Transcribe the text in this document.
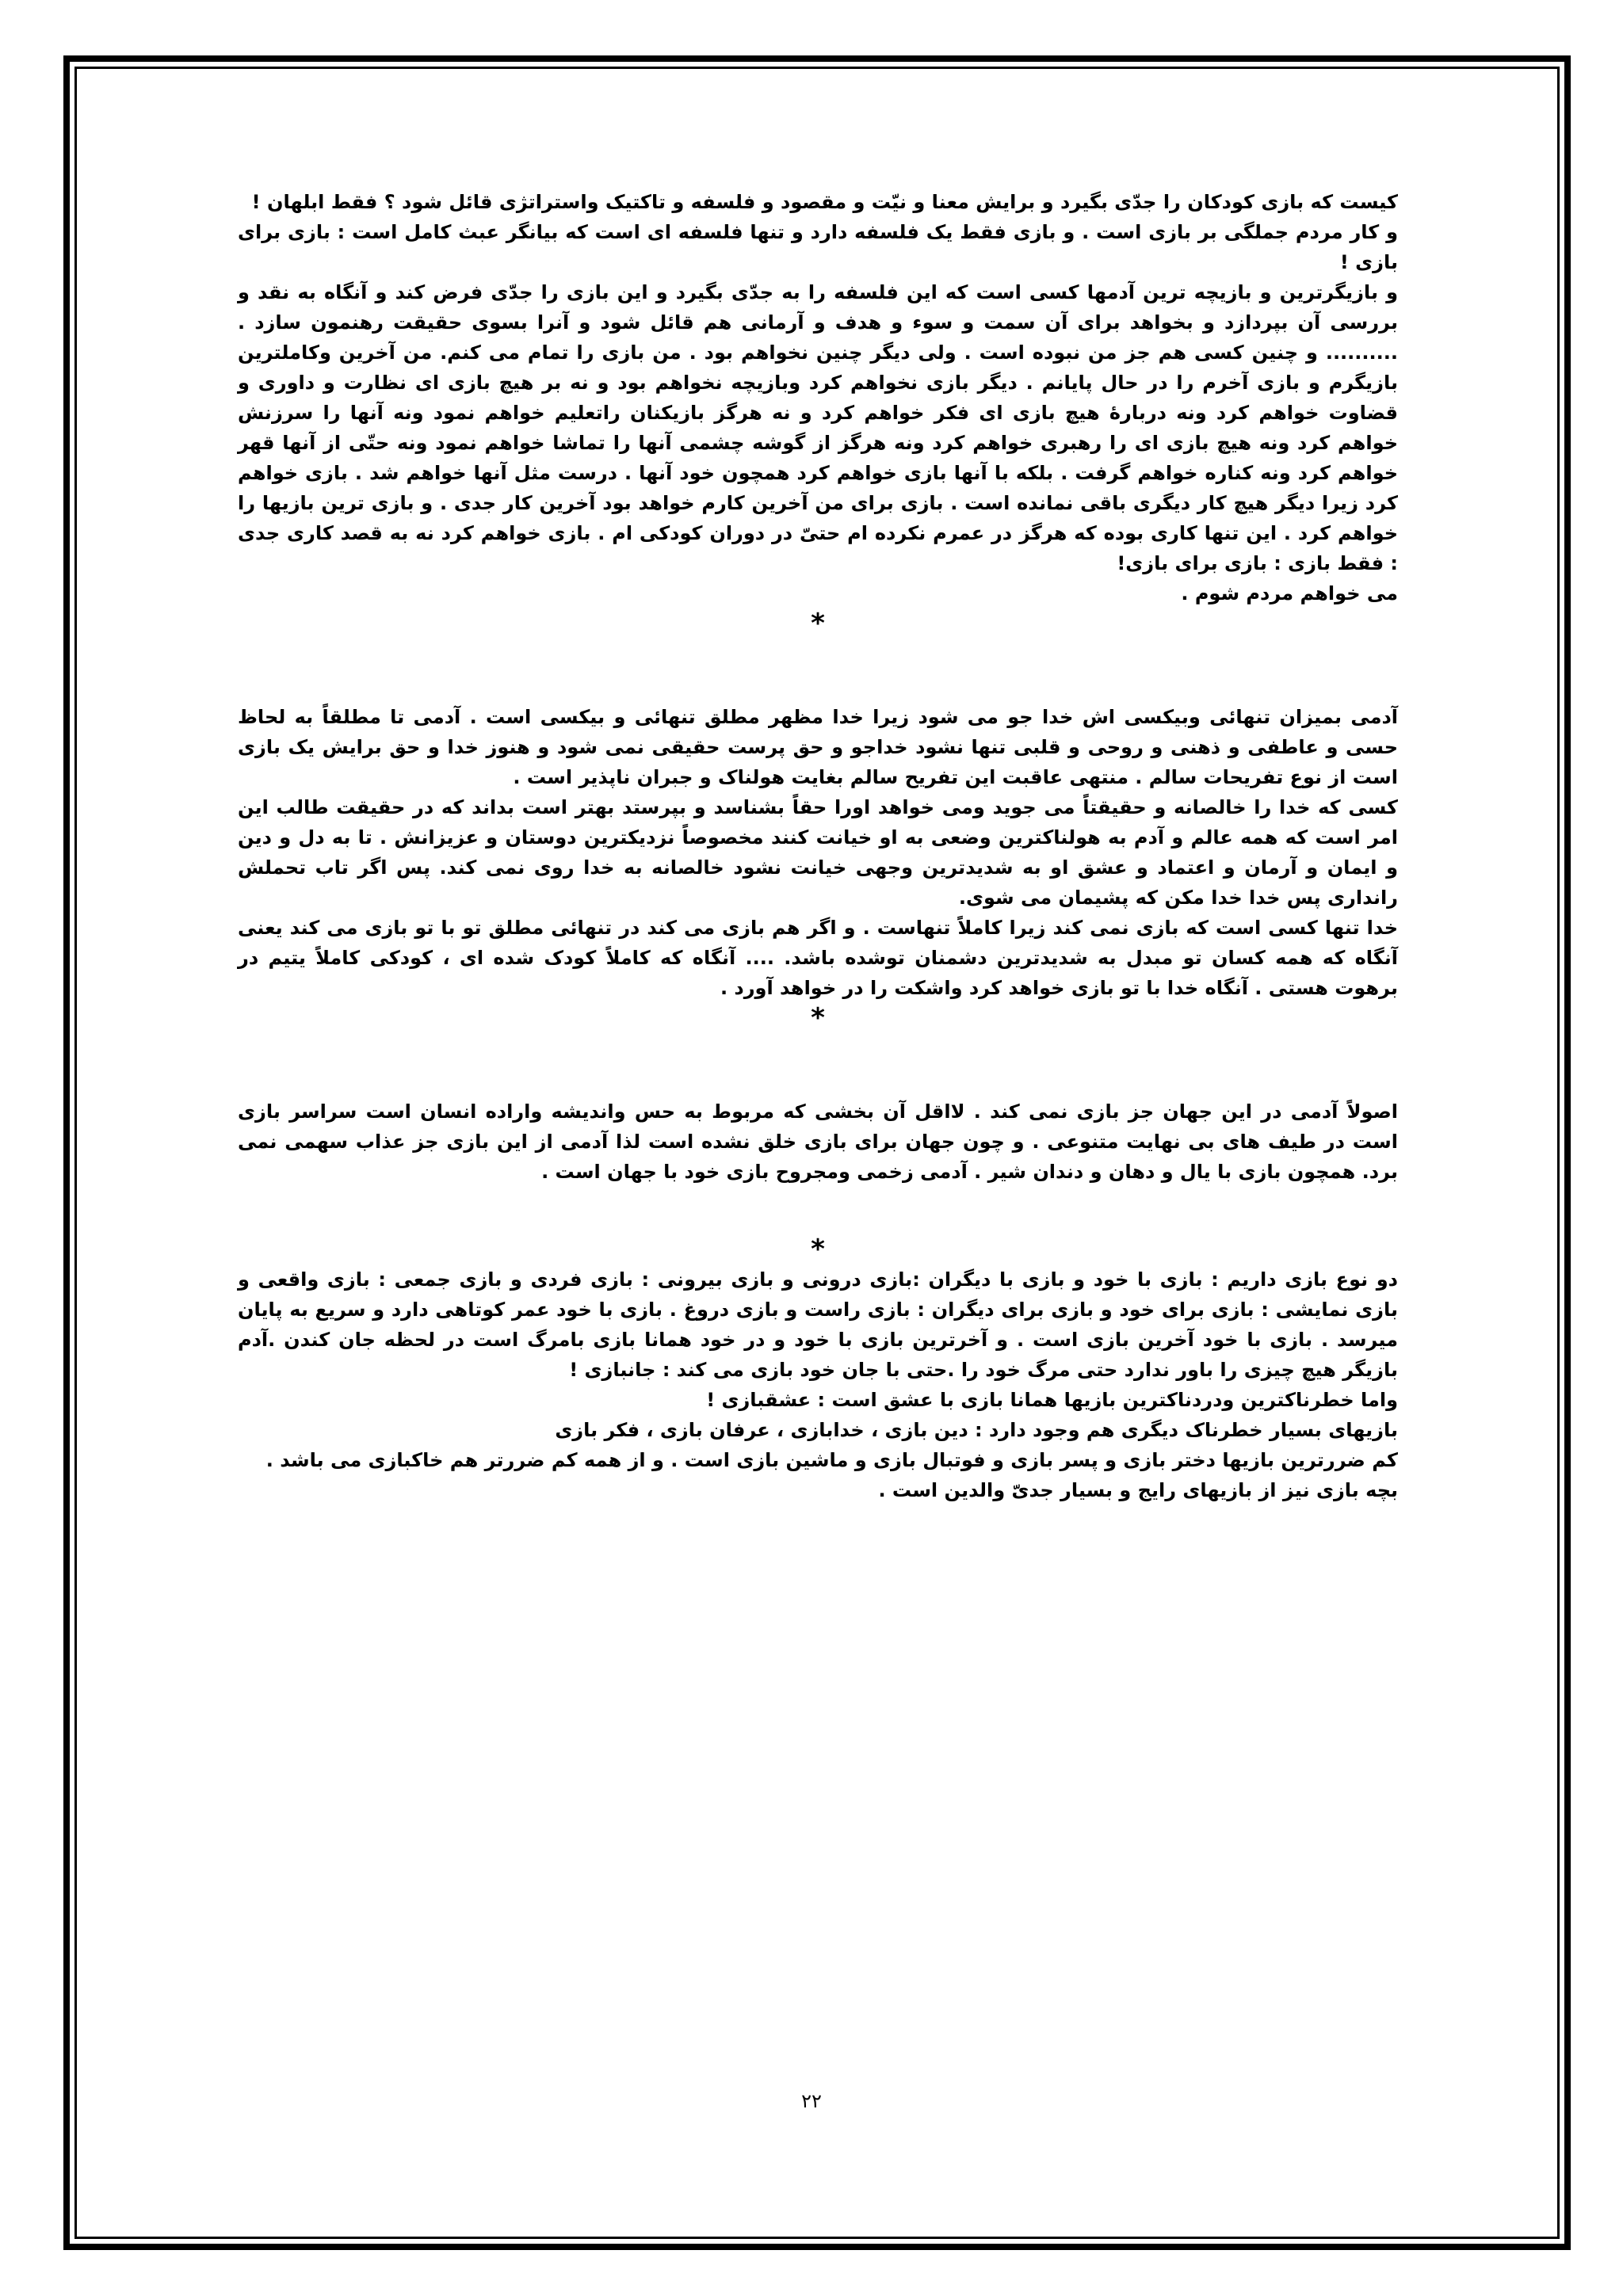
کیست که بازی کودکان را جدّی بگیرد و برایش معنا و نیّت و مقصود و فلسفه و تاکتیک واستراتژی قائل شود ؟ فقط ابلهان !

و کار مردم جملگی بر بازی است . و بازی فقط یک فلسفه دارد و تنها فلسفه ای است که بیانگر عبث کامل است : بازی برای بازی !

و بازیگرترین و بازیچه ترین آدمها کسی است که این فلسفه را به جدّی بگیرد و این بازی را جدّی فرض کند و آنگاه به نقد و بررسی آن بپردازد و بخواهد برای آن سمت و سوء و هدف و آرمانی هم قائل شود و آنرا بسوی حقیقت رهنمون سازد . .......... و چنین کسی هم جز من نبوده است . ولی دیگر چنین نخواهم بود . من بازی را تمام می کنم. من آخرین وکاملترین بازیگرم و بازی آخرم را در حال پایانم . دیگر بازی نخواهم کرد وبازیچه نخواهم بود و نه بر هیچ بازی ای نظارت و داوری و قضاوت خواهم کرد ونه دربارۀ هیچ بازی ای فکر خواهم کرد و نه هرگز بازیکنان راتعلیم خواهم نمود ونه آنها را سرزنش خواهم کرد ونه هیچ بازی ای را رهبری خواهم کرد ونه هرگز از گوشه چشمی آنها را تماشا خواهم نمود ونه حتّی از آنها قهر خواهم کرد ونه کناره خواهم گرفت . بلکه با آنها بازی خواهم کرد همچون خود آنها . درست مثل آنها خواهم شد . بازی خواهم کرد زیرا دیگر هیچ کار دیگری باقی نمانده است . بازی برای من آخرین کارم خواهد بود آخرین کار جدی . و بازی ترین بازیها را خواهم کرد . این تنها کاری بوده که هرگز در عمرم نکرده ام حتیّ در دوران کودکی ام . بازی خواهم کرد نه به قصد کاری جدی : فقط بازی : بازی برای بازی!

می خواهم مردم شوم .

*

آدمی بمیزان تنهائی وبیکسی اش خدا جو می شود زیرا خدا مظهر مطلق تنهائی و بیکسی است . آدمی تا مطلقاً به لحاظ حسی و عاطفی و ذهنی و روحی و قلبی تنها نشود خداجو و حق پرست حقیقی نمی شود و هنوز خدا و حق برایش یک بازی است از نوع تفریحات سالم . منتهی عاقبت این تفریح سالم بغایت هولناک و جبران ناپذیر است .

کسی که خدا را خالصانه و حقیقتاً می جوید ومی خواهد اورا حقاً بشناسد و بپرستد بهتر است بداند که در حقیقت طالب این امر است که همه عالم و آدم به هولناکترین وضعی به او خیانت کنند مخصوصاً نزدیکترین دوستان و عزیزانش . تا به دل و دین و ایمان و آرمان و اعتماد و عشق او به شدیدترین وجهی خیانت نشود خالصانه به خدا روی نمی کند. پس اگر تاب تحملش رانداری پس خدا خدا مکن که پشیمان می شوی.

خدا تنها کسی است که بازی نمی کند زیرا کاملاً تنهاست . و اگر هم بازی می کند در تنهائی مطلق تو با تو بازی می کند یعنی آنگاه که همه کسان تو مبدل به شدیدترین دشمنان توشده باشد. .... آنگاه که کاملاً کودک شده ای ، کودکی کاملاً یتیم در برهوت هستی . آنگاه خدا با تو بازی خواهد کرد واشکت را در خواهد آورد .

*

اصولاً آدمی در این جهان جز بازی نمی کند . لااقل آن بخشی که مربوط به حس واندیشه واراده انسان است سراسر بازی است در طیف های بی نهایت متنوعی . و چون جهان برای بازی خلق نشده است لذا آدمی از این بازی جز عذاب سهمی نمی برد. همچون بازی با یال و دهان و دندان شیر . آدمی زخمی ومجروح بازی خود با جهان است .

*

دو نوع بازی داریم : بازی با خود و بازی با دیگران :بازی درونی و بازی بیرونی : بازی فردی و بازی جمعی : بازی واقعی و بازی نمایشی : بازی برای خود و بازی برای دیگران : بازی راست و بازی دروغ . بازی با خود عمر کوتاهی دارد و سریع به پایان میرسد . بازی با خود آخرین بازی است . و آخرترین بازی با خود و در خود همانا بازی بامرگ است در لحظه جان کندن .آدم بازیگر هیچ چیزی را باور ندارد حتی مرگ خود را .حتی با جان خود بازی می کند : جانبازی !

واما خطرناکترین ودردناکترین بازیها همانا بازی با عشق است : عشقبازی !

بازیهای بسیار خطرناک دیگری هم وجود دارد : دین بازی ، خدابازی ، عرفان بازی ، فکر بازی

کم ضررترین بازیها دختر بازی و پسر بازی و فوتبال بازی و ماشین بازی است . و از همه کم ضررتر هم خاکبازی می باشد .

بچه بازی نیز از بازیهای رایج و بسیار جدیّ والدین است .

۲۲
